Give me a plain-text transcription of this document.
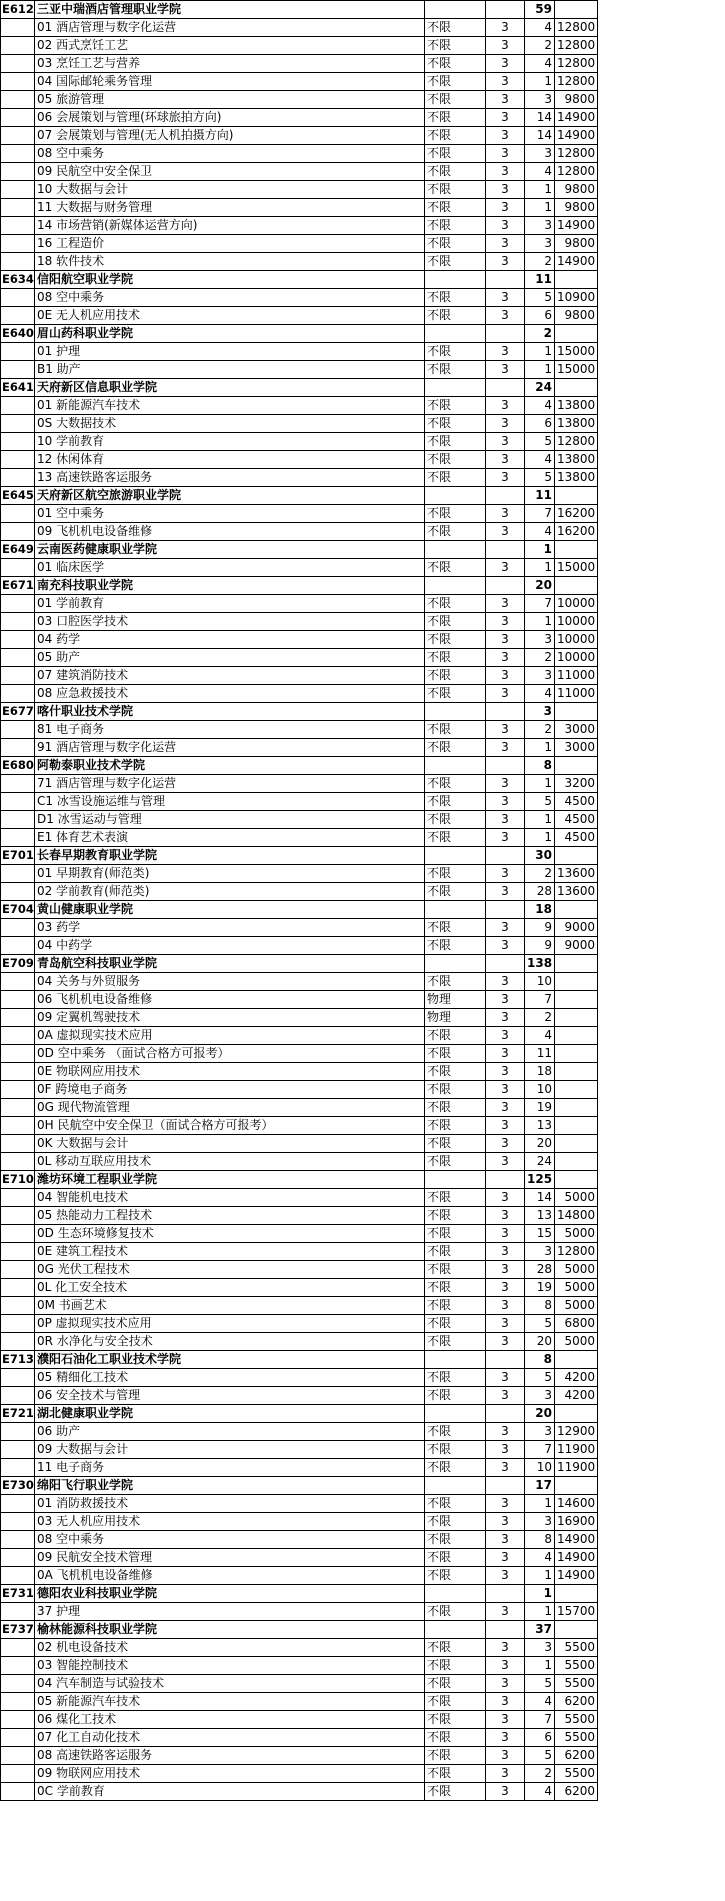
E612	三亚中瑞酒店管理职业学院			59	
	01 酒店管理与数字化运营	不限	3	4	12800
	02 西式烹饪工艺	不限	3	2	12800
	03 烹饪工艺与营养	不限	3	4	12800
	04 国际邮轮乘务管理	不限	3	1	12800
	05 旅游管理	不限	3	3	9800
	06 会展策划与管理(环球旅拍方向)	不限	3	14	14900
	07 会展策划与管理(无人机拍摄方向)	不限	3	14	14900
	08 空中乘务	不限	3	3	12800
	09 民航空中安全保卫	不限	3	4	12800
	10 大数据与会计	不限	3	1	9800
	11 大数据与财务管理	不限	3	1	9800
	14 市场营销(新媒体运营方向)	不限	3	3	14900
	16 工程造价	不限	3	3	9800
	18 软件技术	不限	3	2	14900
E634	信阳航空职业学院			11	
	08 空中乘务	不限	3	5	10900
	0E 无人机应用技术	不限	3	6	9800
E640	眉山药科职业学院			2	
	01 护理	不限	3	1	15000
	B1 助产	不限	3	1	15000
E641	天府新区信息职业学院			24	
	01 新能源汽车技术	不限	3	4	13800
	0S 大数据技术	不限	3	6	13800
	10 学前教育	不限	3	5	12800
	12 休闲体育	不限	3	4	13800
	13 高速铁路客运服务	不限	3	5	13800
E645	天府新区航空旅游职业学院			11	
	01 空中乘务	不限	3	7	16200
	09 飞机机电设备维修	不限	3	4	16200
E649	云南医药健康职业学院			1	
	01 临床医学	不限	3	1	15000
E671	南充科技职业学院			20	
	01 学前教育	不限	3	7	10000
	03 口腔医学技术	不限	3	1	10000
	04 药学	不限	3	3	10000
	05 助产	不限	3	2	10000
	07 建筑消防技术	不限	3	3	11000
	08 应急救援技术	不限	3	4	11000
E677	喀什职业技术学院			3	
	81 电子商务	不限	3	2	3000
	91 酒店管理与数字化运营	不限	3	1	3000
E680	阿勒泰职业技术学院			8	
	71 酒店管理与数字化运营	不限	3	1	3200
	C1 冰雪设施运维与管理	不限	3	5	4500
	D1 冰雪运动与管理	不限	3	1	4500
	E1 体育艺术表演	不限	3	1	4500
E701	长春早期教育职业学院			30	
	01 早期教育(师范类)	不限	3	2	13600
	02 学前教育(师范类)	不限	3	28	13600
E704	黄山健康职业学院			18	
	03 药学	不限	3	9	9000
	04 中药学	不限	3	9	9000
E709	青岛航空科技职业学院			138	
	04 关务与外贸服务	不限	3	10	
	06 飞机机电设备维修	物理	3	7	
	09 定翼机驾驶技术	物理	3	2	
	0A 虚拟现实技术应用	不限	3	4	
	0D 空中乘务 （面试合格方可报考）	不限	3	11	
	0E 物联网应用技术	不限	3	18	
	0F 跨境电子商务	不限	3	10	
	0G 现代物流管理	不限	3	19	
	0H 民航空中安全保卫（面试合格方可报考）	不限	3	13	
	0K 大数据与会计	不限	3	20	
	0L 移动互联应用技术	不限	3	24	
E710	潍坊环境工程职业学院			125	
	04 智能机电技术	不限	3	14	5000
	05 热能动力工程技术	不限	3	13	14800
	0D 生态环境修复技术	不限	3	15	5000
	0E 建筑工程技术	不限	3	3	12800
	0G 光伏工程技术	不限	3	28	5000
	0L 化工安全技术	不限	3	19	5000
	0M 书画艺术	不限	3	8	5000
	0P 虚拟现实技术应用	不限	3	5	6800
	0R 水净化与安全技术	不限	3	20	5000
E713	濮阳石油化工职业技术学院			8	
	05 精细化工技术	不限	3	5	4200
	06 安全技术与管理	不限	3	3	4200
E721	湖北健康职业学院			20	
	06 助产	不限	3	3	12900
	09 大数据与会计	不限	3	7	11900
	11 电子商务	不限	3	10	11900
E730	绵阳飞行职业学院			17	
	01 消防救援技术	不限	3	1	14600
	03 无人机应用技术	不限	3	3	16900
	08 空中乘务	不限	3	8	14900
	09 民航安全技术管理	不限	3	4	14900
	0A 飞机机电设备维修	不限	3	1	14900
E731	德阳农业科技职业学院			1	
	37 护理	不限	3	1	15700
E737	榆林能源科技职业学院			37	
	02 机电设备技术	不限	3	3	5500
	03 智能控制技术	不限	3	1	5500
	04 汽车制造与试验技术	不限	3	5	5500
	05 新能源汽车技术	不限	3	4	6200
	06 煤化工技术	不限	3	7	5500
	07 化工自动化技术	不限	3	6	5500
	08 高速铁路客运服务	不限	3	5	6200
	09 物联网应用技术	不限	3	2	5500
	0C 学前教育	不限	3	4	6200
